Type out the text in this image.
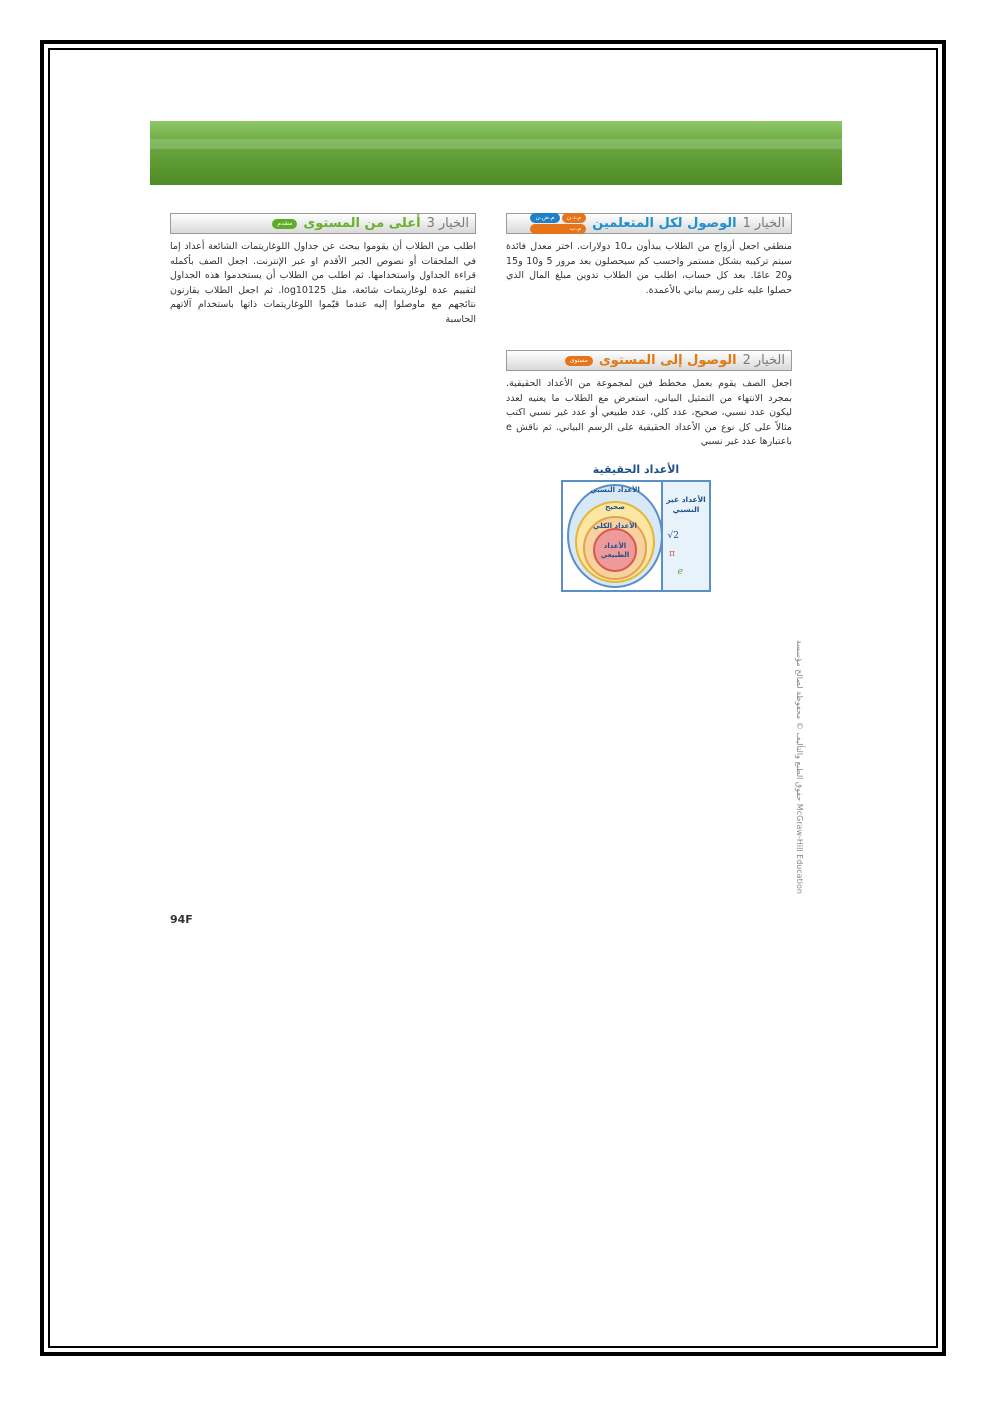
الخيار
1
الوصول لكل المتعلمين
م.د.ن
م.ض.ن
م.ب
منطقي اجعل أزواج من الطلاب يبدأون بـ10 دولارات. اختر معدل فائدة سيتم تركيبه بشكل مستمر واحسب كم سيحصلون بعد مرور 5 و10 و15 و20 عامًا. بعد كل حساب، اطلب من الطلاب تدوين مبلغ المال الذي حصلوا عليه على رسم بياني بالأعمدة.
الخيار
2
الوصول إلى المستوى
مستوى
اجعل الصف يقوم بعمل مخطط فين لمجموعة من الأعداد الحقيقية. بمجرد الانتهاء من التمثيل البياني، استعرض مع الطلاب ما يعنيه لعدد ليكون عدد نسبي، صحيح، عدد كلي، عدد طبيعي أو عدد غير نسبي اكتب مثالاً على كل نوع من الأعداد الحقيقية على الرسم البياني. ثم ناقش e باعتبارها عدد غير نسبي
الخيار
3
أعلى من المستوى
متقدم
اطلب من الطلاب أن يقوموا ببحث عن جداول اللوغاريتمات الشائعة أعداد إما في الملحقات أو نصوص الجبر الأقدم او عبر الإنترنت. اجعل الصف بأكمله قراءة الجداول واستخدامها. ثم اطلب من الطلاب أن يستخدموا هذه الجداول لتقييم عدة لوغاريتمات شائعة، مثل log10125. ثم اجعل الطلاب يقارنون نتائجهم مع ماوصلوا إليه عندما قيّموا اللوغاريتمات ذاتها باستخدام آلاتهم الحاسبة
الأعداد الحقيقية
الأعداد النسبي
صحيح
الأعداد الكلي
الأعداد الطبيعي
الأعداد غير النسبي
√2
π
e
حقوق الطبع والتأليف © محفوظة لصالح مؤسسة McGraw-Hill Education
94F
